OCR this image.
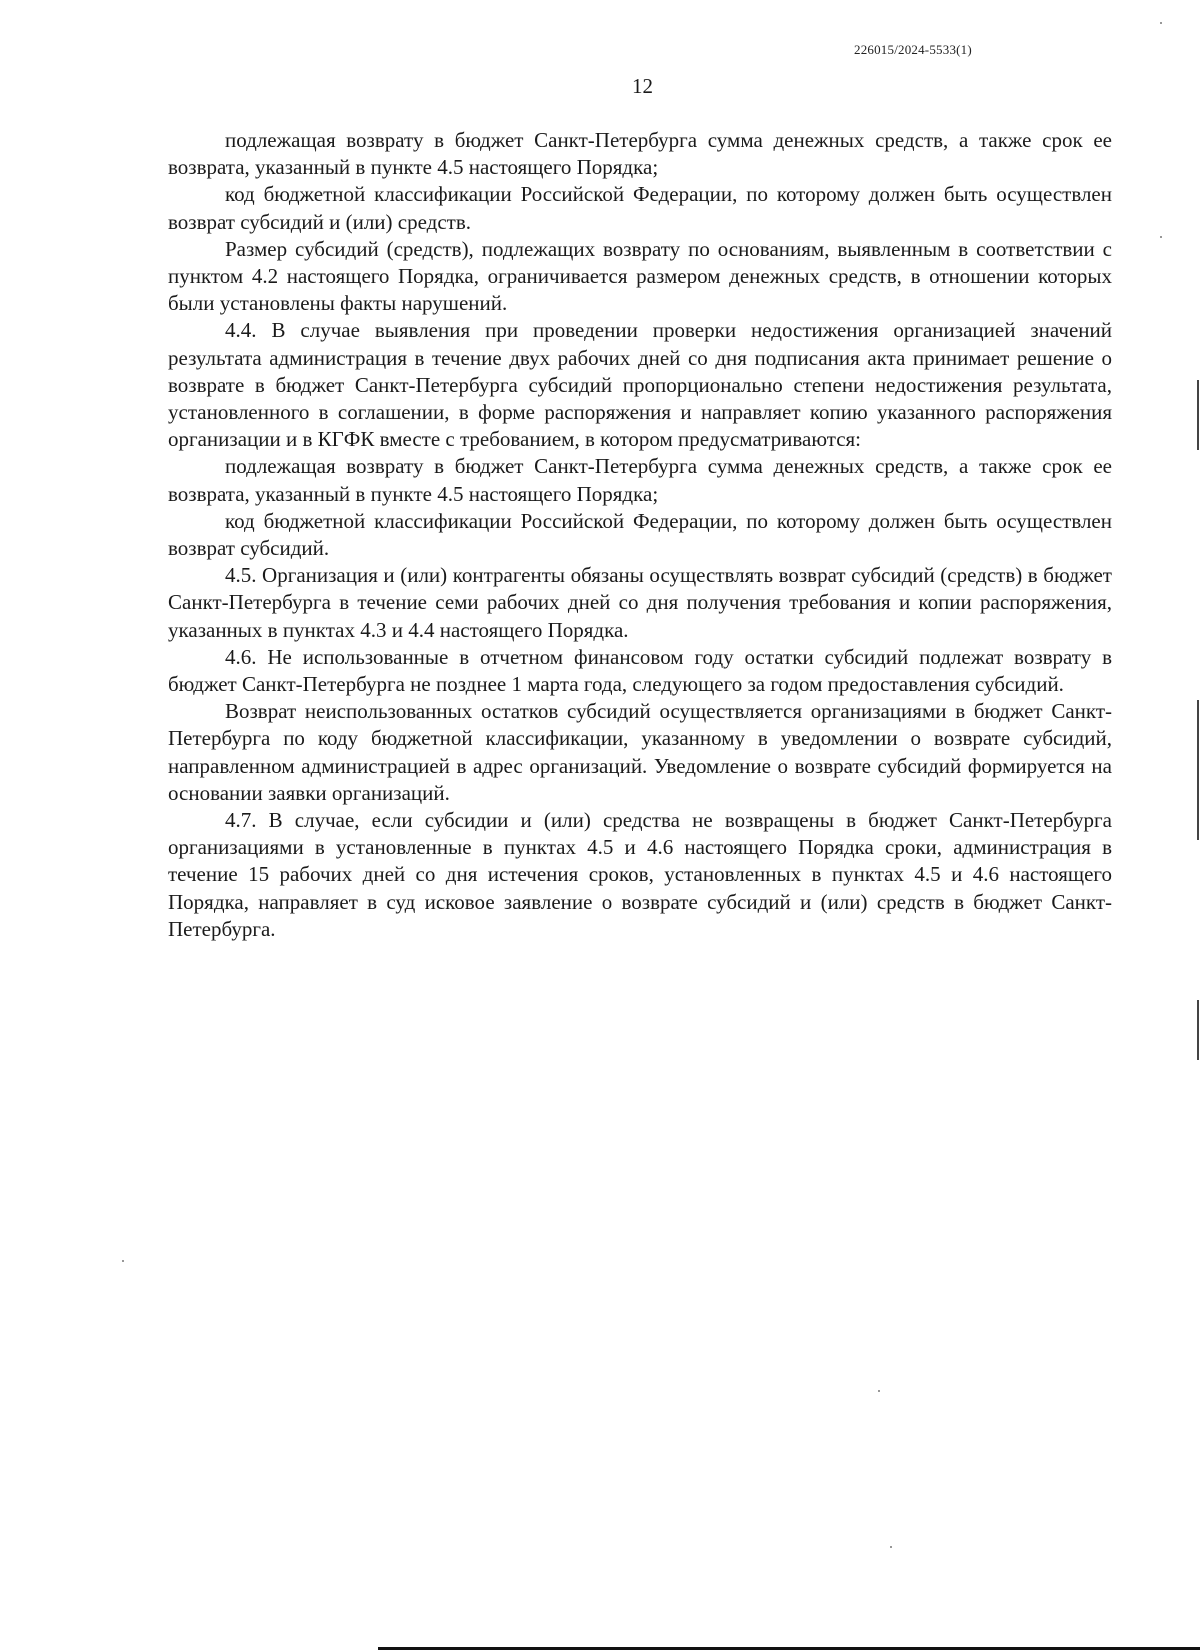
226015/2024-5533(1)
12

подлежащая возврату в бюджет Санкт-Петербурга сумма денежных средств, а также срок ее возврата, указанный в пункте 4.5 настоящего Порядка;

код бюджетной классификации Российской Федерации, по которому должен быть осуществлен возврат субсидий и (или) средств.

Размер субсидий (средств), подлежащих возврату по основаниям, выявленным в соответствии с пунктом 4.2 настоящего Порядка, ограничивается размером денежных средств, в отношении которых были установлены факты нарушений.

4.4. В случае выявления при проведении проверки недостижения организацией значений результата администрация в течение двух рабочих дней со дня подписания акта принимает решение о возврате в бюджет Санкт-Петербурга субсидий пропорционально степени недостижения результата, установленного в соглашении, в форме распоряжения и направляет копию указанного распоряжения организации и в КГФК вместе с требованием, в котором предусматриваются:

подлежащая возврату в бюджет Санкт-Петербурга сумма денежных средств, а также срок ее возврата, указанный в пункте 4.5 настоящего Порядка;

код бюджетной классификации Российской Федерации, по которому должен быть осуществлен возврат субсидий.

4.5. Организация и (или) контрагенты обязаны осуществлять возврат субсидий (средств) в бюджет Санкт-Петербурга в течение семи рабочих дней со дня получения требования и копии распоряжения, указанных в пунктах 4.3 и 4.4 настоящего Порядка.

4.6. Не использованные в отчетном финансовом году остатки субсидий подлежат возврату в бюджет Санкт-Петербурга не позднее 1 марта года, следующего за годом предоставления субсидий.

Возврат неиспользованных остатков субсидий осуществляется организациями в бюджет Санкт-Петербурга по коду бюджетной классификации, указанному в уведомлении о возврате субсидий, направленном администрацией в адрес организаций. Уведомление о возврате субсидий формируется на основании заявки организаций.

4.7. В случае, если субсидии и (или) средства не возвращены в бюджет Санкт-Петербурга организациями в установленные в пунктах 4.5 и 4.6 настоящего Порядка сроки, администрация в течение 15 рабочих дней со дня истечения сроков, установленных в пунктах 4.5 и 4.6 настоящего Порядка, направляет в суд исковое заявление о возврате субсидий и (или) средств в бюджет Санкт-Петербурга.
